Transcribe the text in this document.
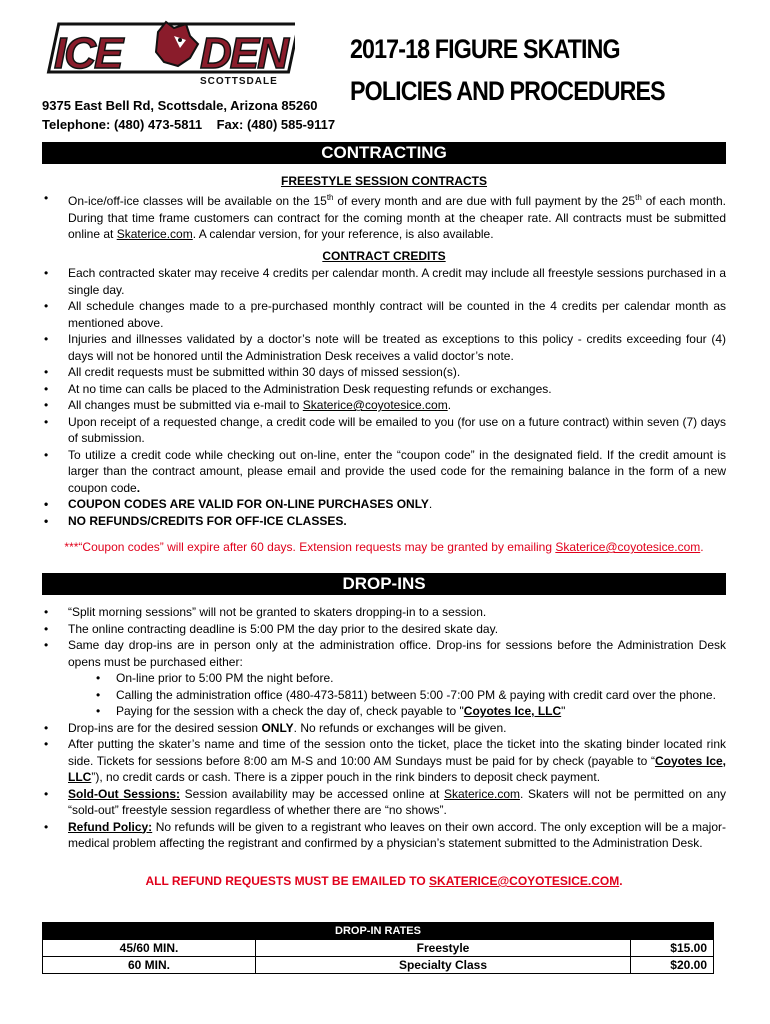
ICE DEN
SCOTTSDALE
9375 East Bell Rd, Scottsdale, Arizona 85260
Telephone: (480) 473-5811    Fax: (480) 585-9117
2017-18 FIGURE SKATING
POLICIES AND PROCEDURES
CONTRACTING
FREESTYLE SESSION CONTRACTS
• On-ice/off-ice classes will be available on the 15th of every month and are due with full payment by the 25th of each month. During that time frame customers can contract for the coming month at the cheaper rate. All contracts must be submitted online at Skaterice.com. A calendar version, for your reference, is also available.
CONTRACT CREDITS
• Each contracted skater may receive 4 credits per calendar month. A credit may include all freestyle sessions purchased in a single day.
• All schedule changes made to a pre-purchased monthly contract will be counted in the 4 credits per calendar month as mentioned above.
• Injuries and illnesses validated by a doctor’s note will be treated as exceptions to this policy - credits exceeding four (4) days will not be honored until the Administration Desk receives a valid doctor’s note.
• All credit requests must be submitted within 30 days of missed session(s).
• At no time can calls be placed to the Administration Desk requesting refunds or exchanges.
• All changes must be submitted via e-mail to Skaterice@coyotesice.com.
• Upon receipt of a requested change, a credit code will be emailed to you (for use on a future contract) within seven (7) days of submission.
• To utilize a credit code while checking out on-line, enter the “coupon code” in the designated field. If the credit amount is larger than the contract amount, please email and provide the used code for the remaining balance in the form of a new coupon code.
• COUPON CODES ARE VALID FOR ON-LINE PURCHASES ONLY.
• NO REFUNDS/CREDITS FOR OFF-ICE CLASSES.
***“Coupon codes” will expire after 60 days. Extension requests may be granted by emailing Skaterice@coyotesice.com.
DROP-INS
• “Split morning sessions” will not be granted to skaters dropping-in to a session.
• The online contracting deadline is 5:00 PM the day prior to the desired skate day.
• Same day drop-ins are in person only at the administration office. Drop-ins for sessions before the Administration Desk opens must be purchased either:
• On-line prior to 5:00 PM the night before.
• Calling the administration office (480-473-5811) between 5:00 -7:00 PM & paying with credit card over the phone.
• Paying for the session with a check the day of, check payable to "Coyotes Ice, LLC"
• Drop-ins are for the desired session ONLY. No refunds or exchanges will be given.
• After putting the skater’s name and time of the session onto the ticket, place the ticket into the skating binder located rink side. Tickets for sessions before 8:00 am M-S and 10:00 AM Sundays must be paid for by check (payable to “Coyotes Ice, LLC”), no credit cards or cash. There is a zipper pouch in the rink binders to deposit check payment.
• Sold-Out Sessions: Session availability may be accessed online at Skaterice.com. Skaters will not be permitted on any “sold-out” freestyle session regardless of whether there are “no shows”.
• Refund Policy: No refunds will be given to a registrant who leaves on their own accord. The only exception will be a major-medical problem affecting the registrant and confirmed by a physician’s statement submitted to the Administration Desk.
ALL REFUND REQUESTS MUST BE EMAILED TO SKATERICE@COYOTESICE.COM.
DROP-IN RATES		
45/60 MIN.	Freestyle	$15.00
60 MIN.	Specialty Class	$20.00
